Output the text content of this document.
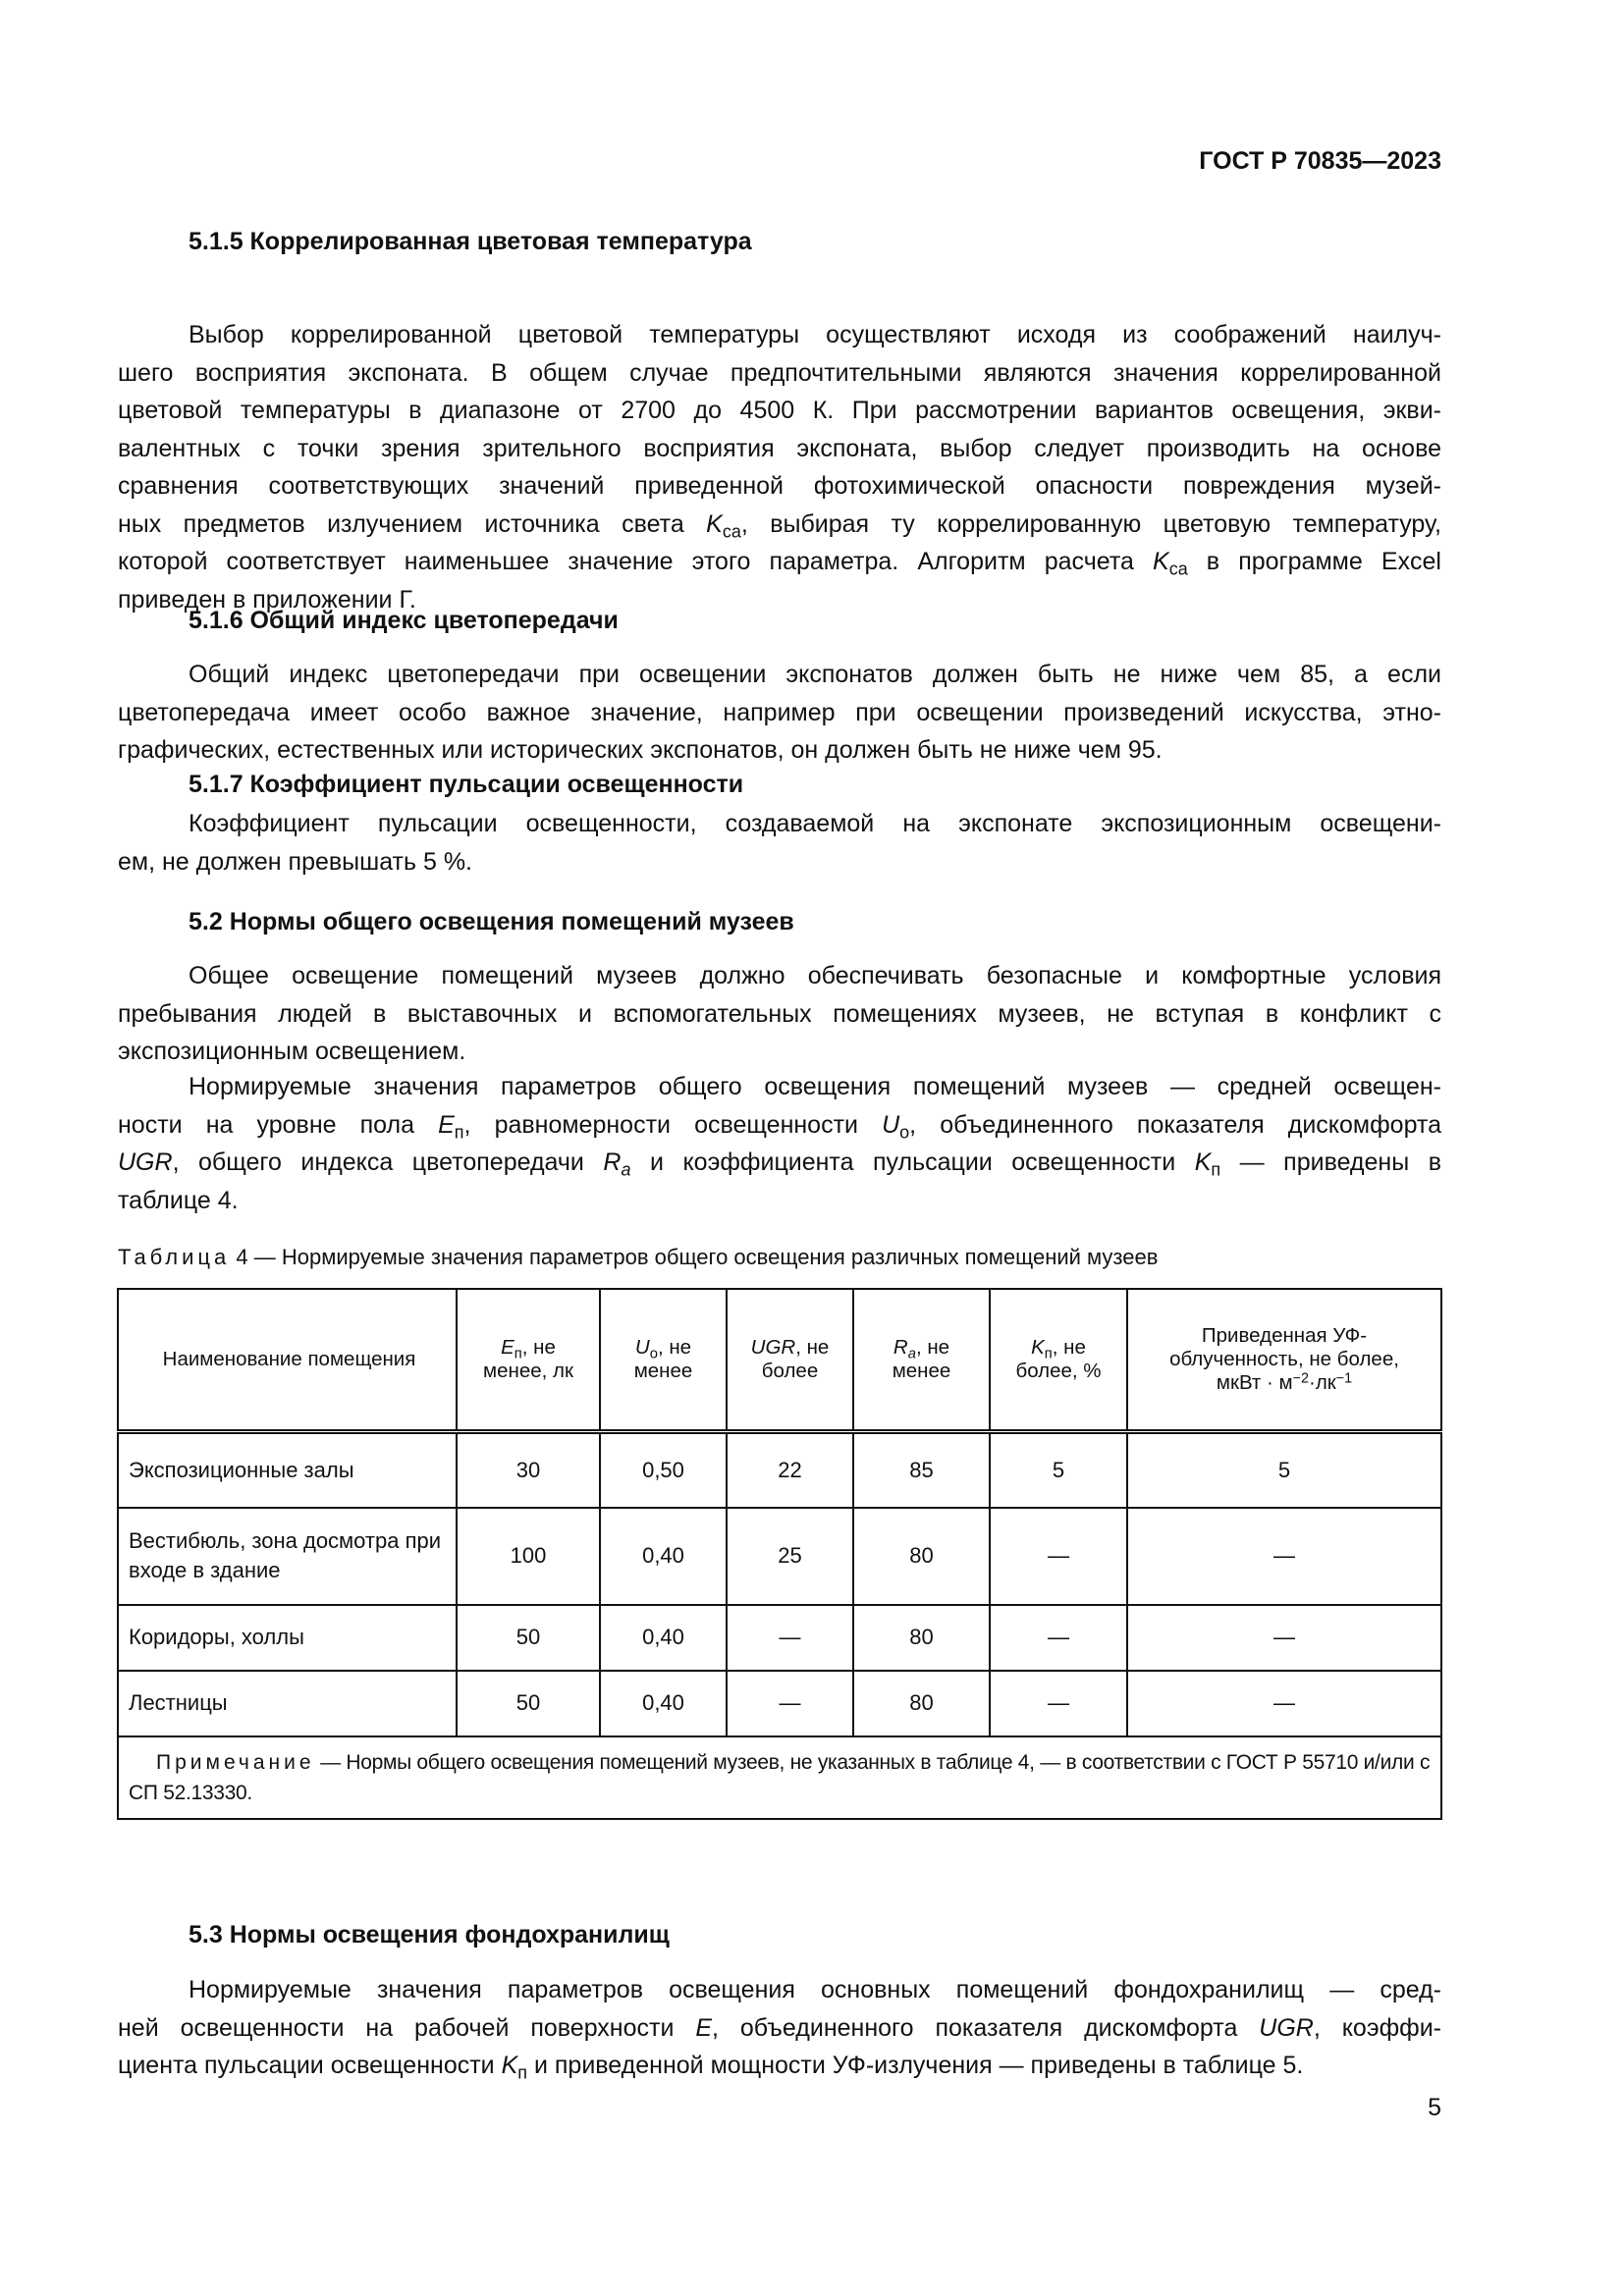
ГОСТ Р 70835—2023
5.1.5 Коррелированная цветовая температура
Выбор коррелированной цветовой температуры осуществляют исходя из соображений наилуч-
шего восприятия экспоната. В общем случае предпочтительными являются значения коррелированной
цветовой температуры в диапазоне от 2700 до 4500 К. При рассмотрении вариантов освещения, экви-
валентных с точки зрения зрительного восприятия экспоната, выбор следует производить на основе
сравнения соответствующих значений приведенной фотохимической опасности повреждения музей-
ных предметов излучением источника света $K_{са}$, выбирая ту коррелированную цветовую температуру,
которой соответствует наименьшее значение этого параметра. Алгоритм расчета $K_{са}$ в программе Excel
приведен в приложении Г.
5.1.6 Общий индекс цветопередачи
Общий индекс цветопередачи при освещении экспонатов должен быть не ниже чем 85, а если
цветопередача имеет особо важное значение, например при освещении произведений искусства, этно-
графических, естественных или исторических экспонатов, он должен быть не ниже чем 95.
5.1.7 Коэффициент пульсации освещенности
Коэффициент пульсации освещенности, создаваемой на экспонате экспозиционным освещени-
ем, не должен превышать 5 %.
5.2 Нормы общего освещения помещений музеев
Общее освещение помещений музеев должно обеспечивать безопасные и комфортные условия
пребывания людей в выставочных и вспомогательных помещениях музеев, не вступая в конфликт с
экспозиционным освещением.
Нормируемые значения параметров общего освещения помещений музеев — средней освещен-
ности на уровне пола $E_п$, равномерности освещенности $U_о$, объединенного показателя дискомфорта
UGR, общего индекса цветопередачи $R_a$ и коэффициента пульсации освещенности $K_п$ — приведены в
таблице 4.
Таблица 4 — Нормируемые значения параметров общего освещения различных помещений музеев
Наименование помещения	$E_п$, не
менее, лк	$U_о$, не
менее	UGR, не
более	$R_a$, не
менее	$K_п$, не
более, %	Приведенная УФ-
облученность, не более,
мкВт · $м^{-2}\cdot лк^{-1}$
Экспозиционные залы	30	0,50	22	85	5	5
Вестибюль, зона досмотра при входе в здание	100	0,40	25	80	—	—
Коридоры, холлы	50	0,40	—	80	—	—
Лестницы	50	0,40	—	80	—	—
Примечание — Нормы общего освещения помещений музеев, не указанных в таблице 4, — в соответствии с ГОСТ Р 55710 и/или с СП 52.13330.						
5.3 Нормы освещения фондохранилищ
Нормируемые значения параметров освещения основных помещений фондохранилищ — сред-
ней освещенности на рабочей поверхности E, объединенного показателя дискомфорта UGR, коэффи-
циента пульсации освещенности $K_п$ и приведенной мощности УФ-излучения — приведены в таблице 5.
5
